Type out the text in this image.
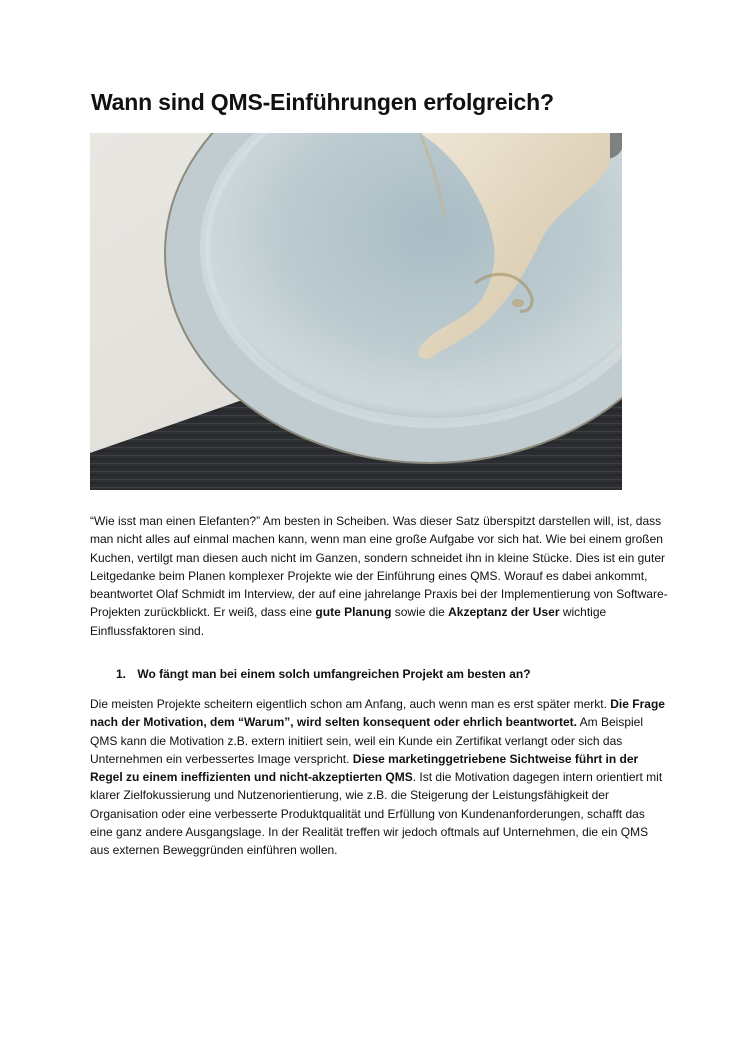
Wann sind QMS-Einführungen erfolgreich?

“Wie isst man einen Elefanten?” Am besten in Scheiben. Was dieser Satz überspitzt darstellen will, ist, dass man nicht alles auf einmal machen kann, wenn man eine große Aufgabe vor sich hat. Wie bei einem großen Kuchen, vertilgt man diesen auch nicht im Ganzen, sondern schneidet ihn in kleine Stücke. Dies ist ein guter Leitgedanke beim Planen komplexer Projekte wie der Einführung eines QMS. Worauf es dabei ankommt, beantwortet Olaf Schmidt im Interview, der auf eine jahrelange Praxis bei der Implementierung von Software-Projekten zurückblickt. Er weiß, dass eine gute Planung sowie die Akzeptanz der User wichtige Einflussfaktoren sind.

1. Wo fängt man bei einem solch umfangreichen Projekt am besten an?

Die meisten Projekte scheitern eigentlich schon am Anfang, auch wenn man es erst später merkt. Die Frage nach der Motivation, dem “Warum”, wird selten konsequent oder ehrlich beantwortet. Am Beispiel QMS kann die Motivation z.B. extern initiiert sein, weil ein Kunde ein Zertifikat verlangt oder sich das Unternehmen ein verbessertes Image verspricht. Diese marketinggetriebene Sichtweise führt in der Regel zu einem ineffizienten und nicht-akzeptierten QMS. Ist die Motivation dagegen intern orientiert mit klarer Zielfokussierung und Nutzenorientierung, wie z.B. die Steigerung der Leistungsfähigkeit der Organisation oder eine verbesserte Produktqualität und Erfüllung von Kundenanforderungen, schafft das eine ganz andere Ausgangslage. In der Realität treffen wir jedoch oftmals auf Unternehmen, die ein QMS aus externen Beweggründen einführen wollen.
